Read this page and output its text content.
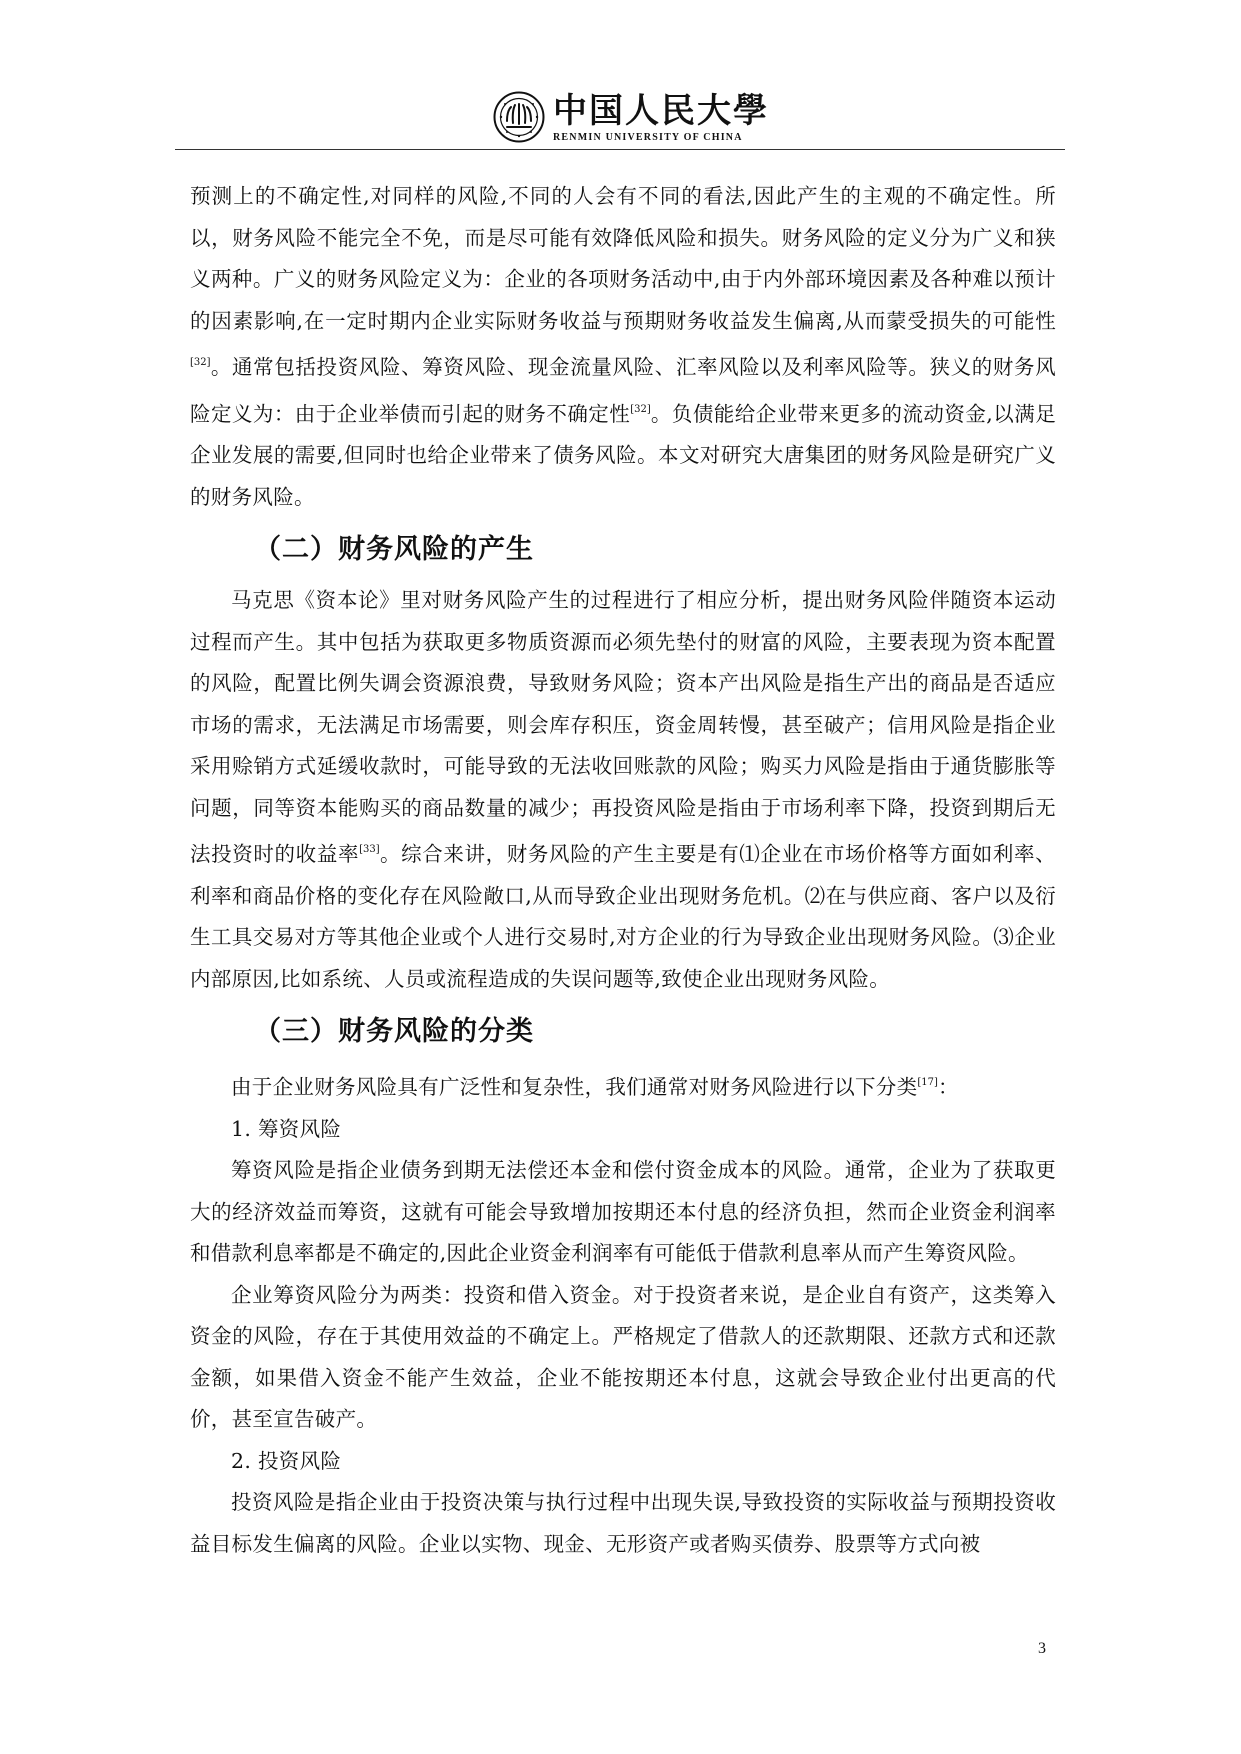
中国人民大學
RENMIN UNIVERSITY OF CHINA

预测上的不确定性,对同样的风险,不同的人会有不同的看法,因此产生的主观的不确定性。所以，财务风险不能完全不免，而是尽可能有效降低风险和损失。财务风险的定义分为广义和狭义两种。广义的财务风险定义为：企业的各项财务活动中,由于内外部环境因素及各种难以预计的因素影响,在一定时期内企业实际财务收益与预期财务收益发生偏离,从而蒙受损失的可能性[32]。通常包括投资风险、筹资风险、现金流量风险、汇率风险以及利率风险等。狭义的财务风险定义为：由于企业举债而引起的财务不确定性[32]。负债能给企业带来更多的流动资金,以满足企业发展的需要,但同时也给企业带来了债务风险。本文对研究大唐集团的财务风险是研究广义的财务风险。

（二）财务风险的产生

马克思《资本论》里对财务风险产生的过程进行了相应分析，提出财务风险伴随资本运动过程而产生。其中包括为获取更多物质资源而必须先垫付的财富的风险，主要表现为资本配置的风险，配置比例失调会资源浪费，导致财务风险；资本产出风险是指生产出的商品是否适应市场的需求，无法满足市场需要，则会库存积压，资金周转慢，甚至破产；信用风险是指企业采用赊销方式延缓收款时，可能导致的无法收回账款的风险；购买力风险是指由于通货膨胀等问题，同等资本能购买的商品数量的减少；再投资风险是指由于市场利率下降，投资到期后无法投资时的收益率[33]。综合来讲，财务风险的产生主要是有⑴企业在市场价格等方面如利率、利率和商品价格的变化存在风险敞口,从而导致企业出现财务危机。⑵在与供应商、客户以及衍生工具交易对方等其他企业或个人进行交易时,对方企业的行为导致企业出现财务风险。⑶企业内部原因,比如系统、人员或流程造成的失误问题等,致使企业出现财务风险。

（三）财务风险的分类

由于企业财务风险具有广泛性和复杂性，我们通常对财务风险进行以下分类[17]：

1. 筹资风险

筹资风险是指企业债务到期无法偿还本金和偿付资金成本的风险。通常，企业为了获取更大的经济效益而筹资，这就有可能会导致增加按期还本付息的经济负担，然而企业资金利润率和借款利息率都是不确定的,因此企业资金利润率有可能低于借款利息率从而产生筹资风险。

企业筹资风险分为两类：投资和借入资金。对于投资者来说，是企业自有资产，这类筹入资金的风险，存在于其使用效益的不确定上。严格规定了借款人的还款期限、还款方式和还款金额，如果借入资金不能产生效益，企业不能按期还本付息，这就会导致企业付出更高的代价，甚至宣告破产。

2. 投资风险

投资风险是指企业由于投资决策与执行过程中出现失误,导致投资的实际收益与预期投资收益目标发生偏离的风险。企业以实物、现金、无形资产或者购买债券、股票等方式向被

3
